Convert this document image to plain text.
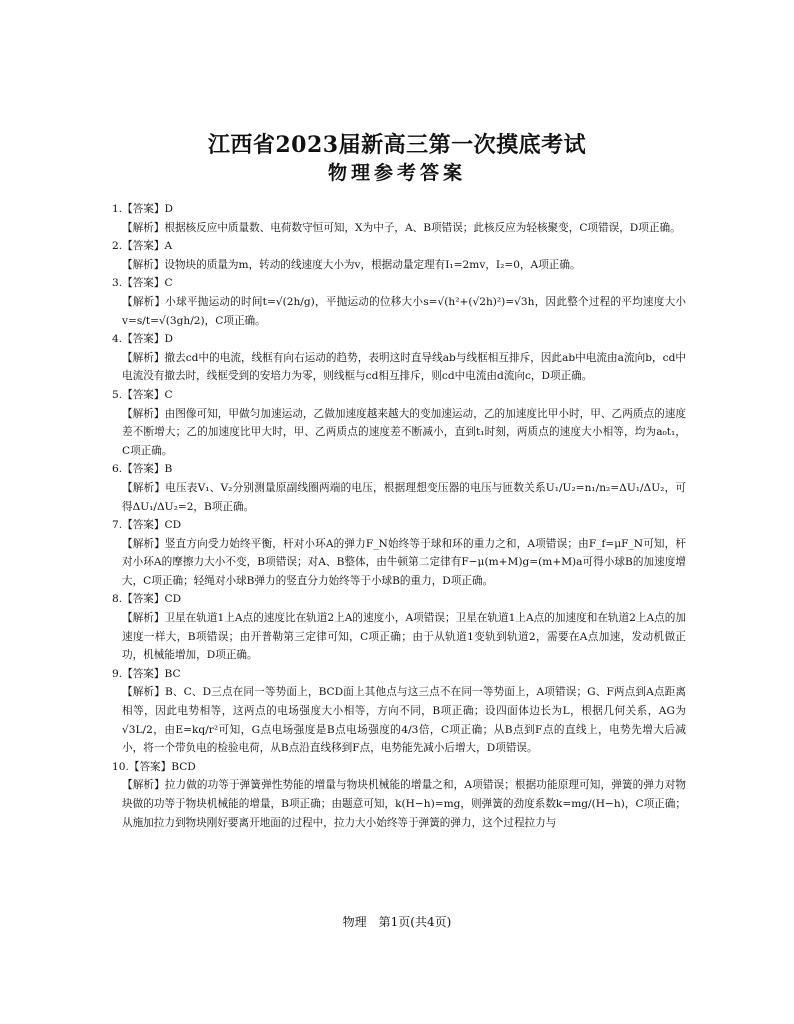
江西省2023届新高三第一次摸底考试
物理参考答案
1.【答案】D
【解析】根据核反应中质量数、电荷数守恒可知，X为中子，A、B项错误；此核反应为轻核聚变，C项错误，D项正确。
2.【答案】A
【解析】设物块的质量为m，转动的线速度大小为v，根据动量定理有I₁=2mv，I₂=0，A项正确。
3.【答案】C
【解析】小球平抛运动的时间t=√(2h/g)，平抛运动的位移大小s=√(h²+(√2h)²)=√3h，因此整个过程的平均速度大小v=s/t=√(3gh/2)，C项正确。
4.【答案】D
【解析】撤去cd中的电流，线框有向右运动的趋势，表明这时直导线ab与线框相互排斥，因此ab中电流由a流向b，cd中电流没有撤去时，线框受到的安培力为零，则线框与cd相互排斥，则cd中电流由d流向c，D项正确。
5.【答案】C
【解析】由图像可知，甲做匀加速运动，乙做加速度越来越大的变加速运动，乙的加速度比甲小时，甲、乙两质点的速度差不断增大；乙的加速度比甲大时，甲、乙两质点的速度差不断减小，直到t₁时刻，两质点的速度大小相等，均为a₀t₁，C项正确。
6.【答案】B
【解析】电压表V₁、V₂分别测量原副线圈两端的电压，根据理想变压器的电压与匝数关系U₁/U₂=n₁/n₂=ΔU₁/ΔU₂，可得ΔU₁/ΔU₂=2，B项正确。
7.【答案】CD
【解析】竖直方向受力始终平衡，杆对小环A的弹力F_N始终等于球和环的重力之和，A项错误；由F_f=μF_N可知，杆对小环A的摩擦力大小不变，B项错误；对A、B整体，由牛顿第二定律有F−μ(m+M)g=(m+M)a可得小球B的加速度增大，C项正确；轻绳对小球B弹力的竖直分力始终等于小球B的重力，D项正确。
8.【答案】CD
【解析】卫星在轨道1上A点的速度比在轨道2上A的速度小，A项错误；卫星在轨道1上A点的加速度和在轨道2上A点的加速度一样大，B项错误；由开普勒第三定律可知，C项正确；由于从轨道1变轨到轨道2，需要在A点加速，发动机做正功，机械能增加，D项正确。
9.【答案】BC
【解析】B、C、D三点在同一等势面上，BCD面上其他点与这三点不在同一等势面上，A项错误；G、F两点到A点距离相等，因此电势相等，这两点的电场强度大小相等，方向不同，B项正确；设四面体边长为L，根据几何关系，AG为√3L/2，由E=kq/r²可知，G点电场强度是B点电场强度的4/3倍，C项正确；从B点到F点的直线上，电势先增大后减小，将一个带负电的检验电荷，从B点沿直线移到F点，电势能先减小后增大，D项错误。
10.【答案】BCD
【解析】拉力做的功等于弹簧弹性势能的增量与物块机械能的增量之和，A项错误；根据功能原理可知，弹簧的弹力对物块做的功等于物块机械能的增量，B项正确；由题意可知，k(H−h)=mg，则弹簧的劲度系数k=mg/(H−h)，C项正确；从施加拉力到物块刚好要离开地面的过程中，拉力大小始终等于弹簧的弹力，这个过程拉力与
物理　第1页(共4页)
